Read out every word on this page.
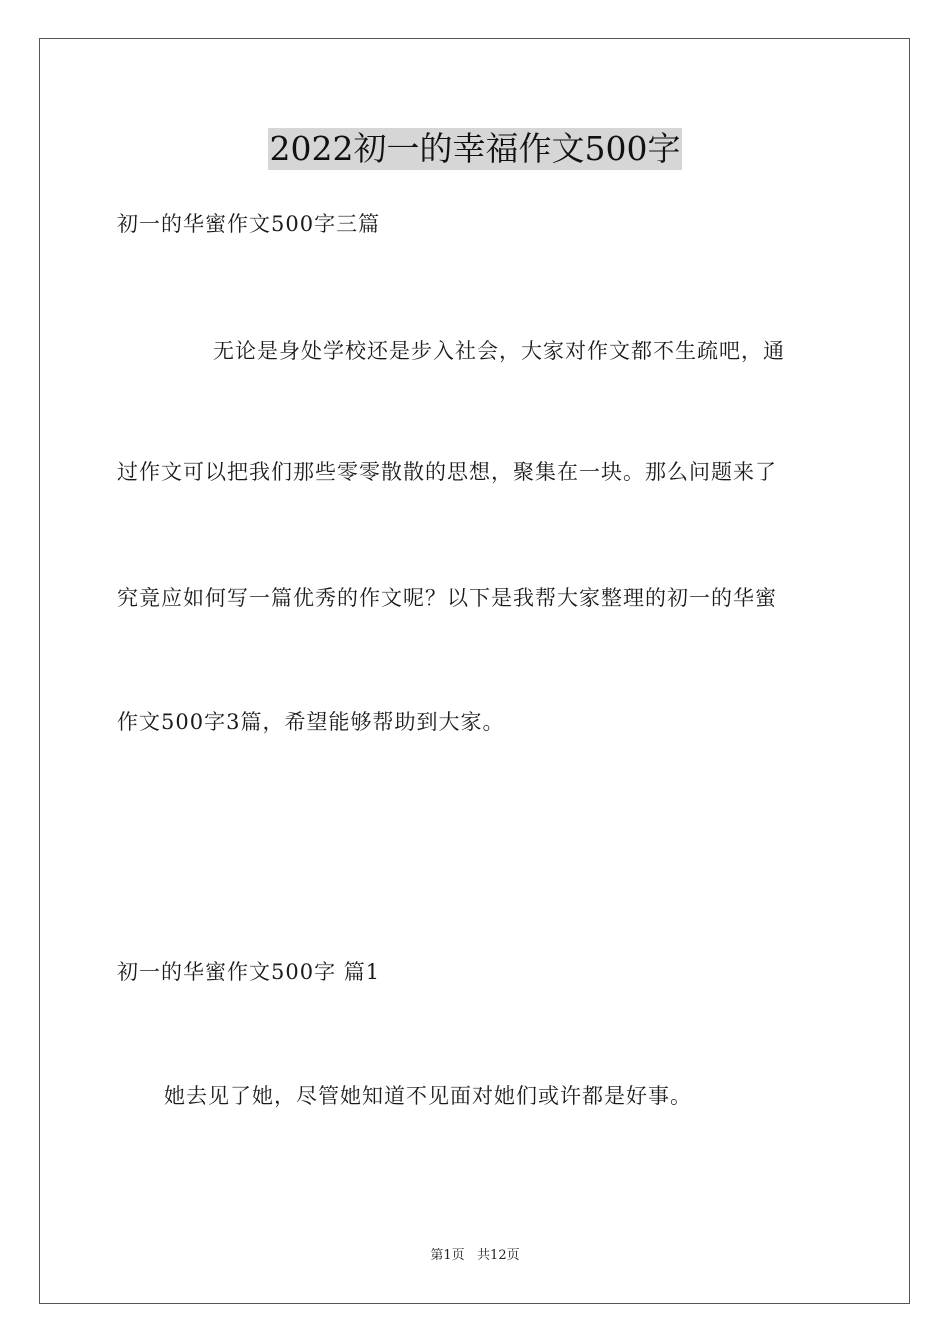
2022初一的幸福作文500字
初一的华蜜作文500字三篇
无论是身处学校还是步入社会，大家对作文都不生疏吧，通
过作文可以把我们那些零零散散的思想，聚集在一块。那么问题来了
究竟应如何写一篇优秀的作文呢？以下是我帮大家整理的初一的华蜜
作文500字3篇，希望能够帮助到大家。
初一的华蜜作文500字 篇1
她去见了她，尽管她知道不见面对她们或许都是好事。
第1页   共12页
